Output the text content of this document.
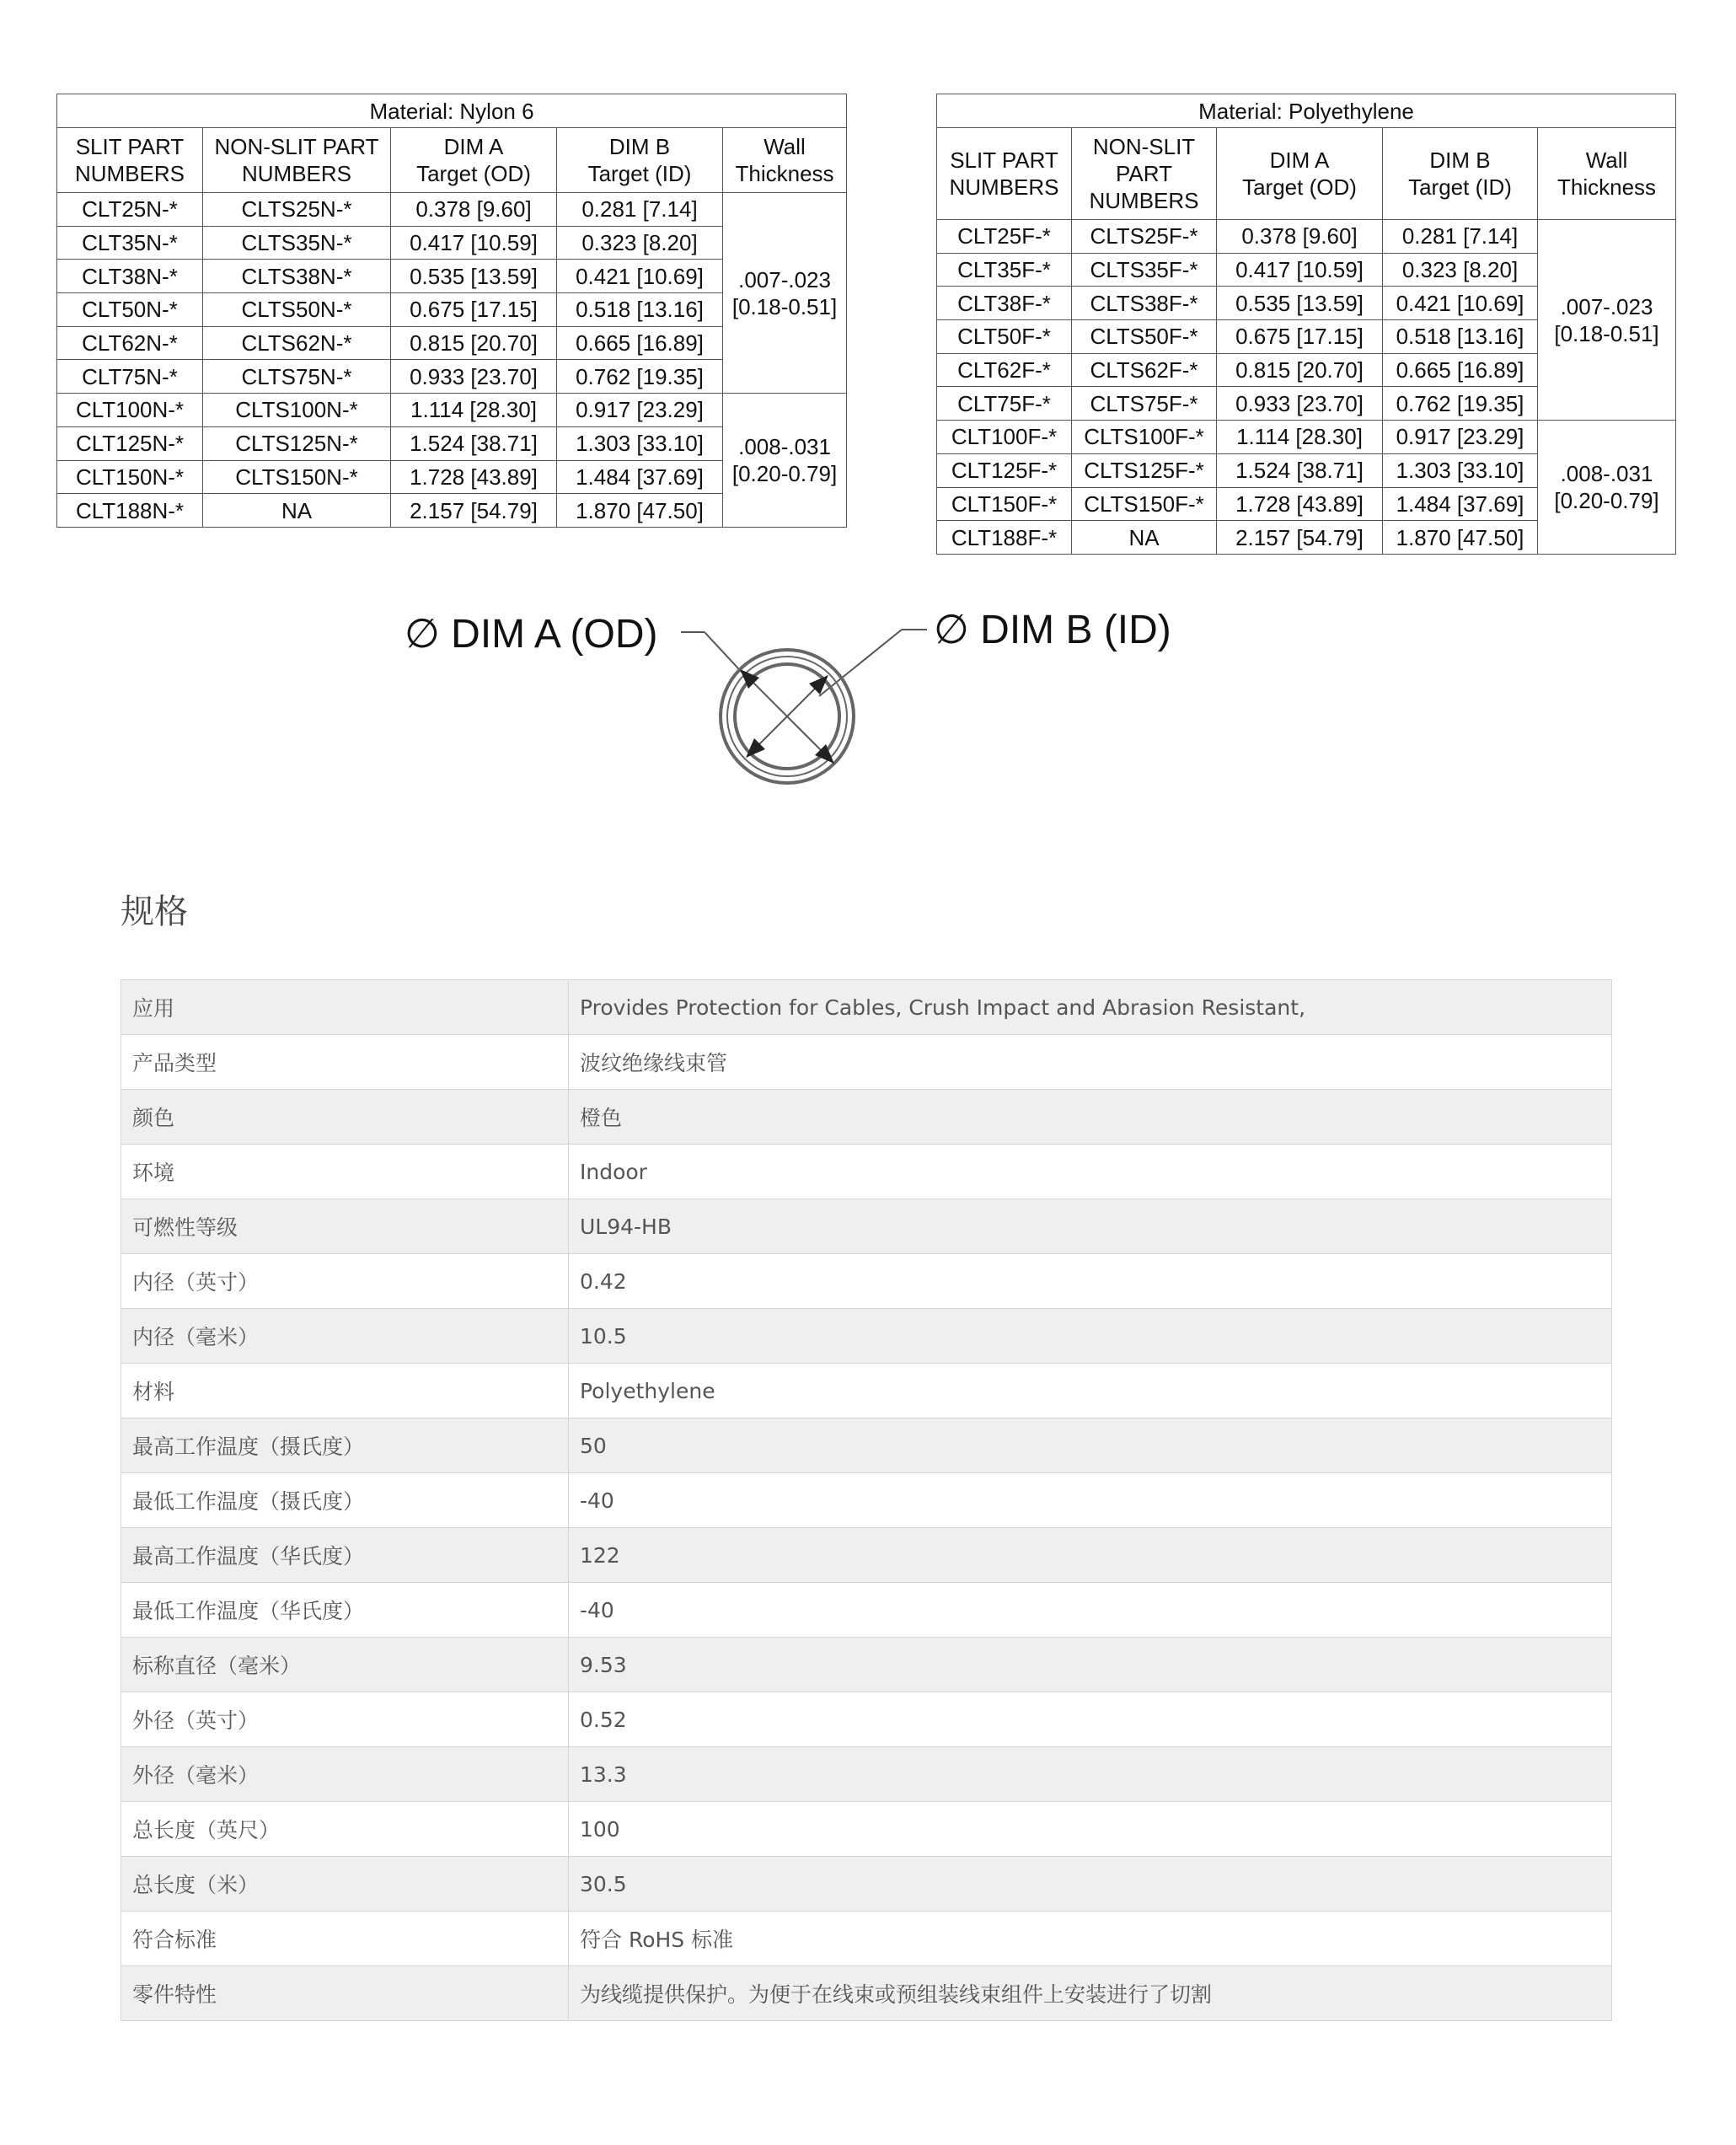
Material: Nylon 6				
SLIT PART
NUMBERS	NON-SLIT PART
NUMBERS	DIM A
Target (OD)	DIM B
Target (ID)	Wall
Thickness
CLT25N-*	CLTS25N-*	0.378 [9.60]	0.281 [7.14]	.007-.023
[0.18-0.51]
CLT35N-*	CLTS35N-*	0.417 [10.59]	0.323 [8.20]	
CLT38N-*	CLTS38N-*	0.535 [13.59]	0.421 [10.69]	
CLT50N-*	CLTS50N-*	0.675 [17.15]	0.518 [13.16]	
CLT62N-*	CLTS62N-*	0.815 [20.70]	0.665 [16.89]	
CLT75N-*	CLTS75N-*	0.933 [23.70]	0.762 [19.35]	
CLT100N-*	CLTS100N-*	1.114 [28.30]	0.917 [23.29]	.008-.031
[0.20-0.79]
CLT125N-*	CLTS125N-*	1.524 [38.71]	1.303 [33.10]	
CLT150N-*	CLTS150N-*	1.728 [43.89]	1.484 [37.69]	
CLT188N-*	NA	2.157 [54.79]	1.870 [47.50]	
Material: Polyethylene				
SLIT PART
NUMBERS	NON-SLIT
PART
NUMBERS	DIM A
Target (OD)	DIM B
Target (ID)	Wall
Thickness
CLT25F-*	CLTS25F-*	0.378 [9.60]	0.281 [7.14]	.007-.023
[0.18-0.51]
CLT35F-*	CLTS35F-*	0.417 [10.59]	0.323 [8.20]	
CLT38F-*	CLTS38F-*	0.535 [13.59]	0.421 [10.69]	
CLT50F-*	CLTS50F-*	0.675 [17.15]	0.518 [13.16]	
CLT62F-*	CLTS62F-*	0.815 [20.70]	0.665 [16.89]	
CLT75F-*	CLTS75F-*	0.933 [23.70]	0.762 [19.35]	
CLT100F-*	CLTS100F-*	1.114 [28.30]	0.917 [23.29]	.008-.031
[0.20-0.79]
CLT125F-*	CLTS125F-*	1.524 [38.71]	1.303 [33.10]	
CLT150F-*	CLTS150F-*	1.728 [43.89]	1.484 [37.69]	
CLT188F-*	NA	2.157 [54.79]	1.870 [47.50]	
∅ DIM A (OD)	∅ DIM B (ID)
规格
应用	Provides Protection for Cables, Crush Impact and Abrasion Resistant,
产品类型	波纹绝缘线束管
颜色	橙色
环境	Indoor
可燃性等级	UL94-HB
内径（英寸）	0.42
内径（毫米）	10.5
材料	Polyethylene
最高工作温度（摄氏度）	50
最低工作温度（摄氏度）	-40
最高工作温度（华氏度）	122
最低工作温度（华氏度）	-40
标称直径（毫米）	9.53
外径（英寸）	0.52
外径（毫米）	13.3
总长度（英尺）	100
总长度（米）	30.5
符合标准	符合 RoHS 标准
零件特性	为线缆提供保护。为便于在线束或预组装线束组件上安装进行了切割
